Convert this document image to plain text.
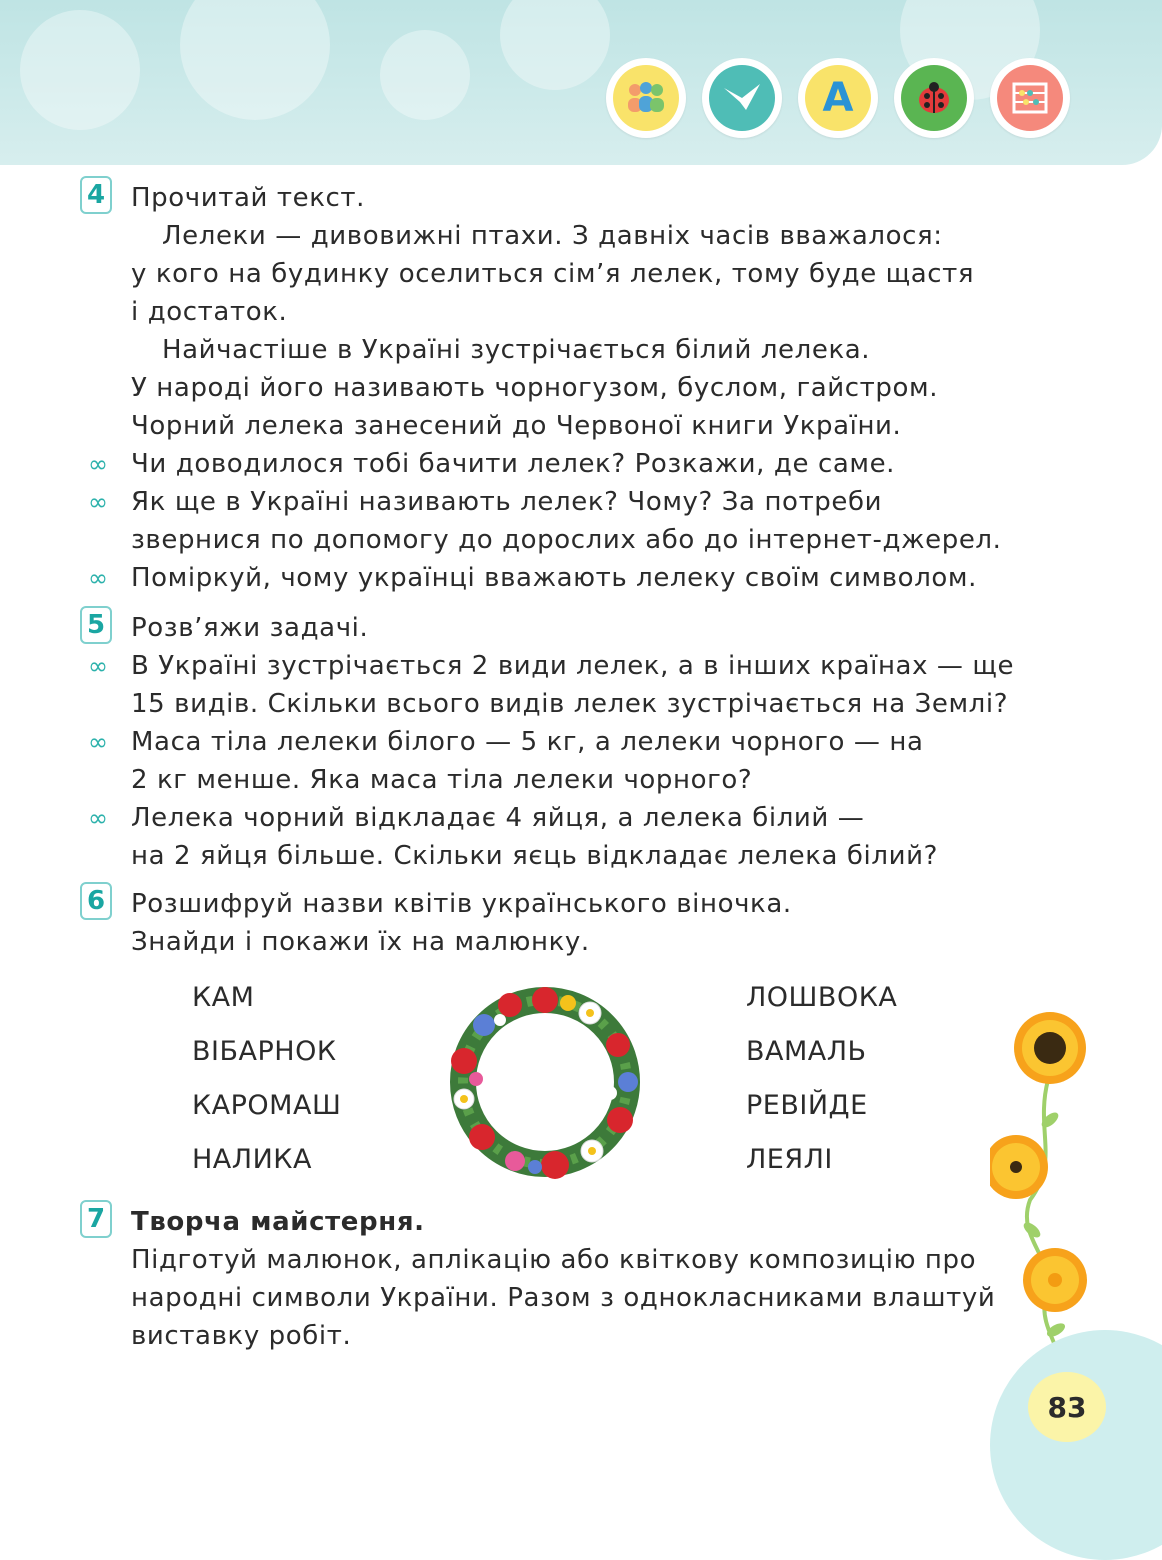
A
4 Прочитай текст.
Лелеки — дивовижні птахи. З давніх часів вважалося:
у кого на будинку оселиться сім’я лелек, тому буде щастя
і достаток.
Найчастіше в Україні зустрічається білий лелека.
У народі його називають чорногузом, буслом, гайстром.
Чорний лелека занесений до Червоної книги України.
∞ Чи доводилося тобі бачити лелек? Розкажи, де саме.
∞ Як ще в Україні називають лелек? Чому? За потреби
звернися по допомогу до дорослих або до інтернет-джерел.
∞ Поміркуй, чому українці вважають лелеку своїм символом.
5 Розв’яжи задачі.
∞ В Україні зустрічається 2 види лелек, а в інших країнах — ще
15 видів. Скільки всього видів лелек зустрічається на Землі?
∞ Маса тіла лелеки білого — 5 кг, а лелеки чорного — на
2 кг менше. Яка маса тіла лелеки чорного?
∞ Лелека чорний відкладає 4 яйця, а лелека білий —
на 2 яйця більше. Скільки яєць відкладає лелека білий?
6 Розшифруй назви квітів українського віночка.
Знайди і покажи їх на малюнку.
КАМ
ВІБАРНОК
КАРОМАШ
НАЛИКА
ЛОШВОКА
ВАМАЛЬ
РЕВІЙДЕ
ЛЕЯЛІ
7 Творча майстерня.
Підготуй малюнок, аплікацію або квіткову композицію про
народні символи України. Разом з однокласниками влаштуй
виставку робіт.
83
